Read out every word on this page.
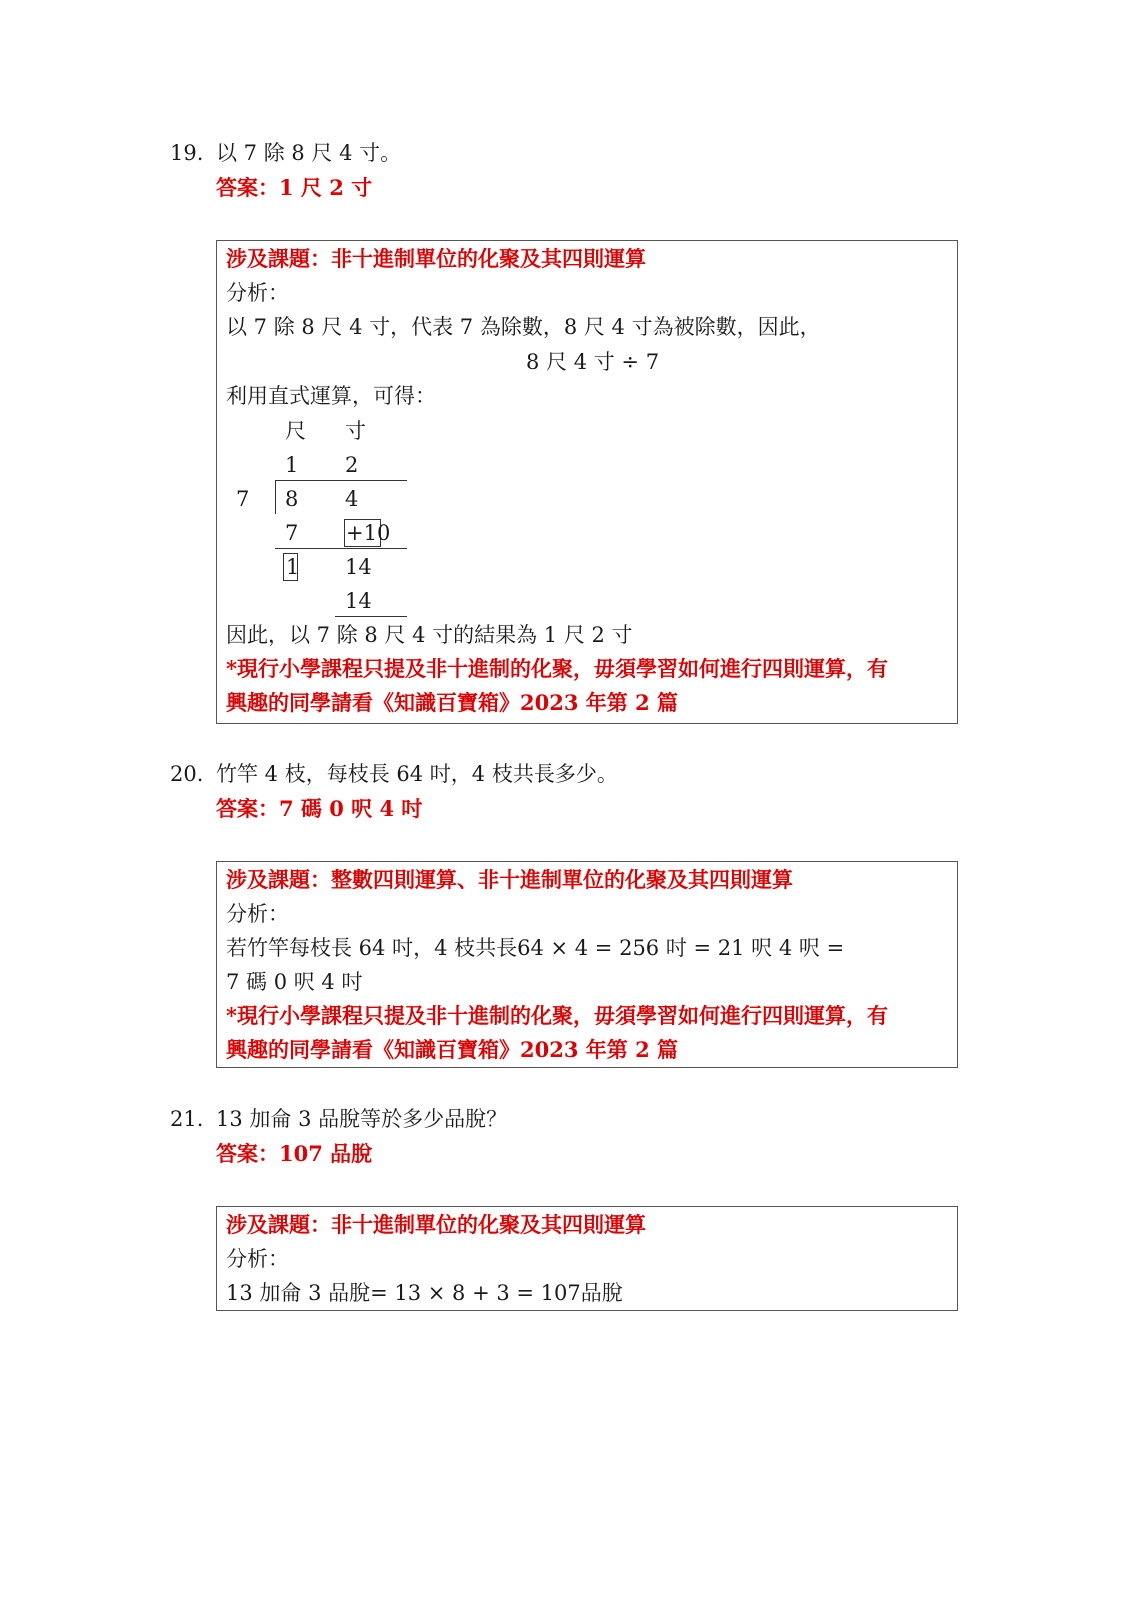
19. 以 7 除 8 尺 4 寸。
答案：1 尺 2 寸
涉及課題：非十進制單位的化聚及其四則運算
分析：
以 7 除 8 尺 4 寸，代表 7 為除數，8 尺 4 寸為被除數，因此，
8 尺 4 寸 ÷ 7
利用直式運算，可得：
尺 寸
1 2
7 8 4
7 +10
1 14
14
因此，以 7 除 8 尺 4 寸的結果為 1 尺 2 寸
*現行小學課程只提及非十進制的化聚，毋須學習如何進行四則運算，有
興趣的同學請看《知識百寶箱》2023 年第 2 篇
20. 竹竿 4 枝，每枝長 64 吋，4 枝共長多少。
答案：7 碼 0 呎 4 吋
涉及課題：整數四則運算、非十進制單位的化聚及其四則運算
分析：
若竹竿每枝長 64 吋，4 枝共長64 × 4 = 256 吋 = 21 呎 4 呎 =
7 碼 0 呎 4 吋
*現行小學課程只提及非十進制的化聚，毋須學習如何進行四則運算，有
興趣的同學請看《知識百寶箱》2023 年第 2 篇
21. 13 加侖 3 品脫等於多少品脫？
答案：107 品脫
涉及課題：非十進制單位的化聚及其四則運算
分析：
13 加侖 3 品脫= 13 × 8 + 3 = 107品脫
